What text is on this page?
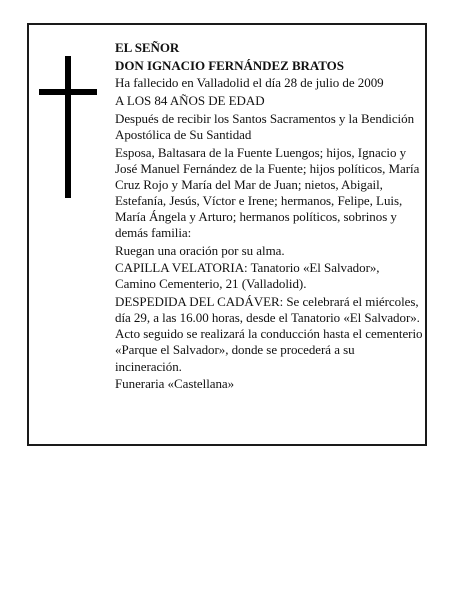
EL SEÑOR

DON IGNACIO FERNÁNDEZ BRATOS

Ha fallecido en Valladolid el día 28 de julio de 2009

A LOS 84 AÑOS DE EDAD

Después de recibir los Santos Sacramentos y la Bendición Apostólica de Su Santidad

Esposa, Baltasara de la Fuente Luengos; hijos, Ignacio y José Manuel Fernández de la Fuente; hijos políticos, María Cruz Rojo y María del Mar de Juan; nietos, Abigail, Estefanía, Jesús, Víctor e Irene; hermanos, Felipe, Luis, María Ángela y Arturo; hermanos políticos, sobrinos y demás familia:

Ruegan una oración por su alma.

CAPILLA VELATORIA: Tanatorio «El Salvador», Camino Cementerio, 21 (Valladolid).

DESPEDIDA DEL CADÁVER: Se celebrará el miércoles, día 29, a las 16.00 horas, desde el Tanatorio «El Salvador». Acto seguido se realizará la conducción hasta el cementerio «Parque el Salvador», donde se procederá a su incineración.

Funeraria «Castellana»
